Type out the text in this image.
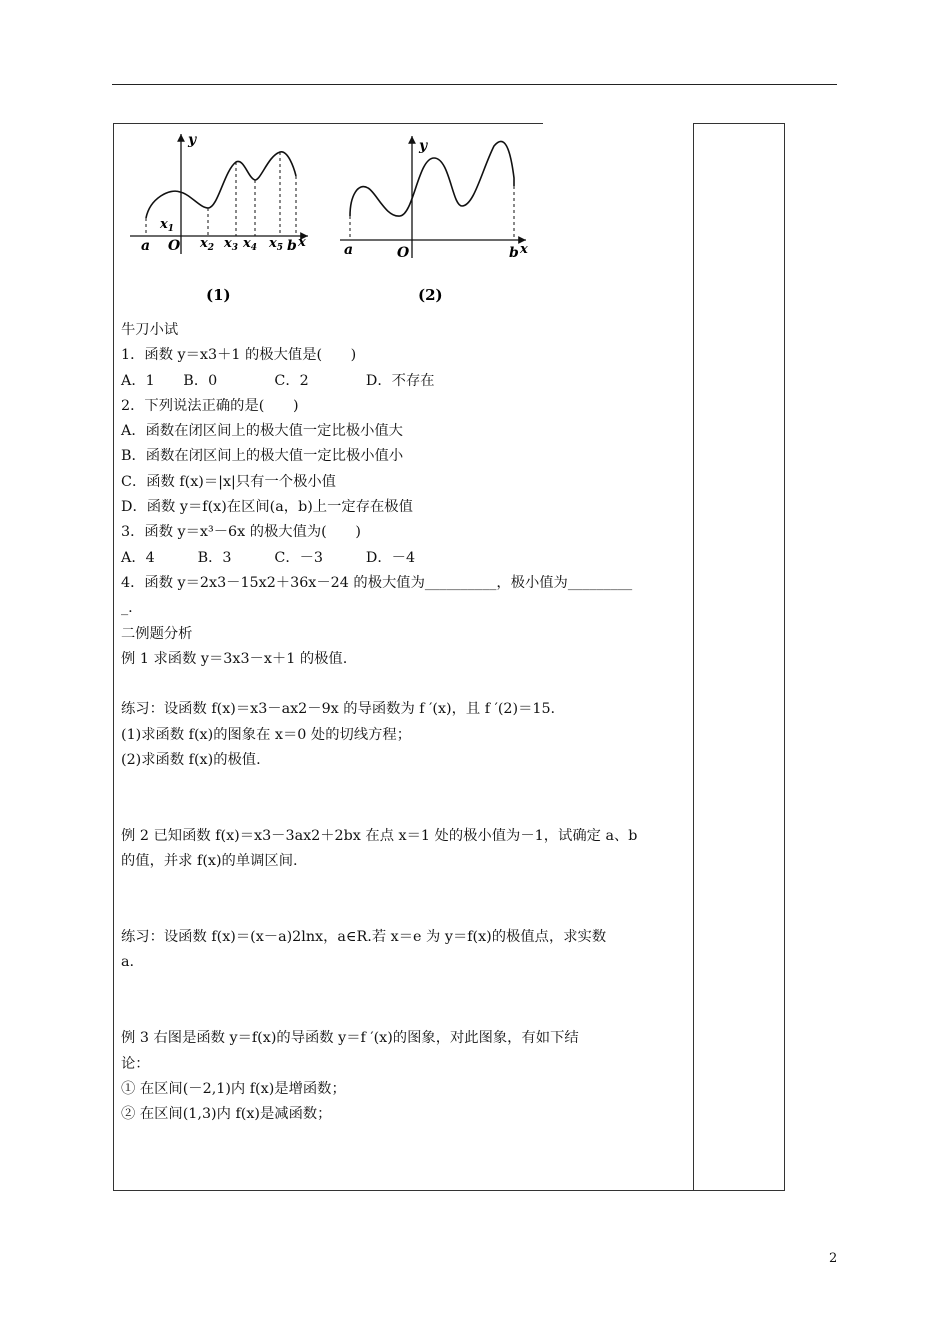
y
a O
$x_1$
$x_2$ $x_3$ $x_4$ $x_5$ b x
(1)
y
a	O	b x
(2)
牛刀小试
1．函数 y＝x3＋1 的极大值是(　　)
A．1　　B．0　　　　C．2　　　　D．不存在
2．下列说法正确的是(　　)
A．函数在闭区间上的极大值一定比极小值大
B．函数在闭区间上的极大值一定比极小值小
C．函数 f(x)＝|x|只有一个极小值
D．函数 y＝f(x)在区间(a，b)上一定存在极值
3．函数 y＝x³－6x 的极大值为(　　)
A．4　　　B．3　　　C．－3　　　D．－4
4．函数 y＝2x3－15x2＋36x－24 的极大值为__________，极小值为_________
_.
二例题分析
例 1 求函数 y＝3x3－x＋1 的极值.
练习：设函数 f(x)＝x3－ax2－9x 的导函数为 f ′(x)，且 f ′(2)＝15.
(1)求函数 f(x)的图象在 x＝0 处的切线方程；
(2)求函数 f(x)的极值.
例 2 已知函数 f(x)＝x3－3ax2＋2bx 在点 x＝1 处的极小值为－1，试确定 a、b
的值，并求 f(x)的单调区间.
练习：设函数 f(x)＝(x－a)2lnx，a∈R.若 x＝e 为 y＝f(x)的极值点，求实数
a.
例 3 右图是函数 y＝f(x)的导函数 y＝f ′(x)的图象，对此图象，有如下结
论：
① 在区间(－2,1)内 f(x)是增函数；
② 在区间(1,3)内 f(x)是减函数；
2
